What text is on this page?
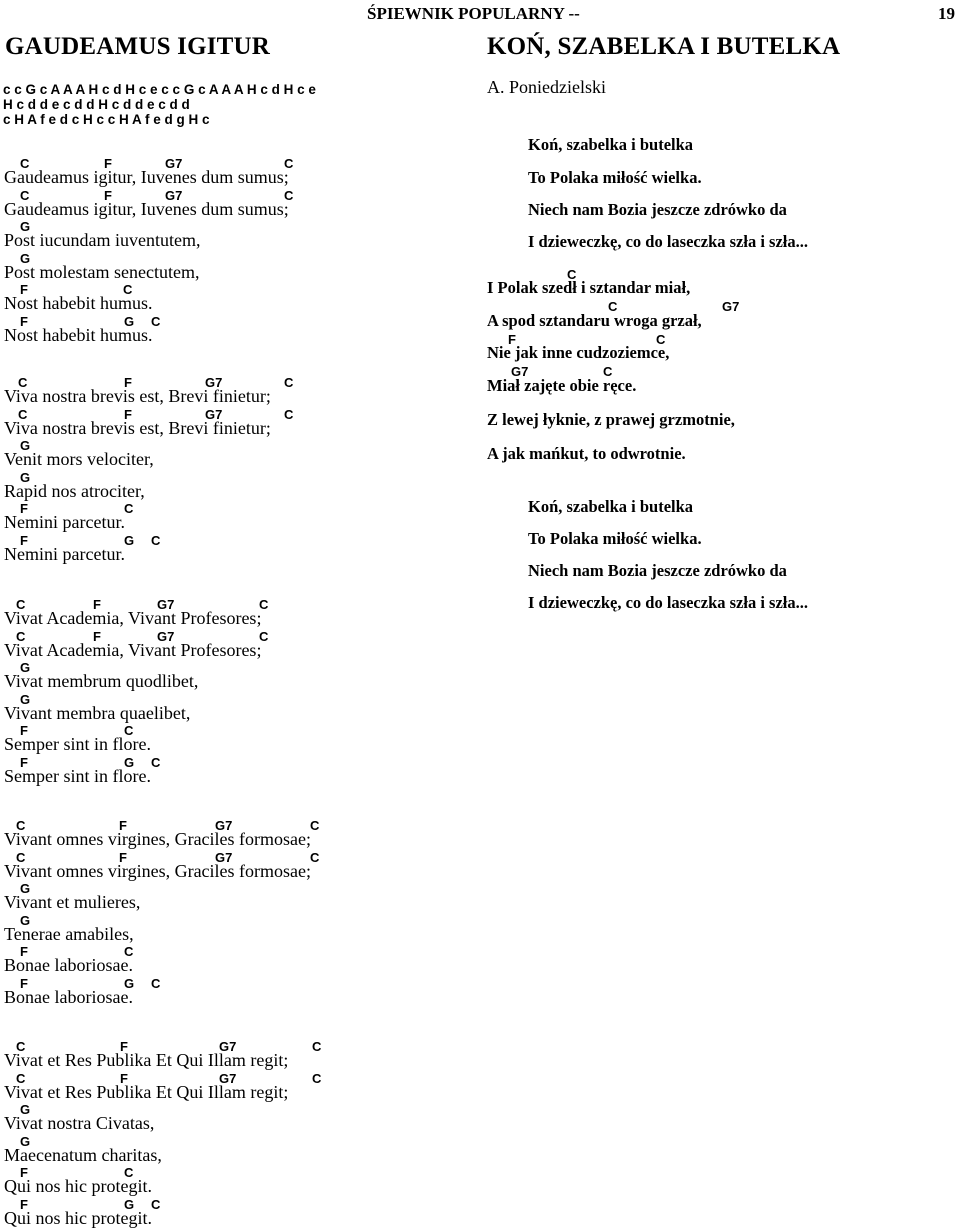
ŚPIEWNIK POPULARNY --	19
GAUDEAMUS IGITUR
c c G c A A A H c d H c e c c G c A A A H c d H c e
H c d d e c d d H c d d e c d d
c H A f e d c H c c H A f e d g H c
C	F	G7	C
Gaudeamus igitur, Iuvenes dum sumus;
C	F	G7	C
Gaudeamus igitur, Iuvenes dum sumus;
G
Post iucundam iuventutem,
G
Post molestam senectutem,
F	C
Nost habebit humus.
F	G C
Nost habebit humus.
C	F	G7	C
Viva nostra brevis est, Brevi finietur;
C	F	G7	C
Viva nostra brevis est, Brevi finietur;
G
Venit mors velociter,
G
Rapid nos atrociter,
F	C
Nemini parcetur.
F	G C
Nemini parcetur.
C	F	G7	C
Vivat Academia, Vivant Profesores;
C	F	G7	C
Vivat Academia, Vivant Profesores;
G
Vivat membrum quodlibet,
G
Vivant membra quaelibet,
F	C
Semper sint in flore.
F	G C
Semper sint in flore.
C	F	G7	C
Vivant omnes virgines, Graciles formosae;
C	F	G7	C
Vivant omnes virgines, Graciles formosae;
G
Vivant et mulieres,
G
Tenerae amabiles,
F	C
Bonae laboriosae.
F	G C
Bonae laboriosae.
C	F	G7	C
Vivat et Res Publika Et Qui Illam regit;
C	F	G7	C
Vivat et Res Publika Et Qui Illam regit;
G
Vivat nostra Civatas,
G
Maecenatum charitas,
F	C
Qui nos hic protegit.
F	G C
Qui nos hic protegit.
KOŃ, SZABELKA I BUTELKA
A. Poniedzielski
Koń, szabelka i butelka
To Polaka miłość wielka.
Niech nam Bozia jeszcze zdrówko da
I dzieweczkę, co do laseczka szła i szła...
I Polak szedł i sztandar miał,
A spod sztandaru wroga grzał,
Nie jak inne cudzoziemce,
Miał zajęte obie ręce.
Z lewej łyknie, z prawej grzmotnie,
A jak mańkut, to odwrotnie.
Koń, szabelka i butelka
To Polaka miłość wielka.
Niech nam Bozia jeszcze zdrówko da
I dzieweczkę, co do laseczka szła i szła...
C
C	G7
F	C
G7	C
